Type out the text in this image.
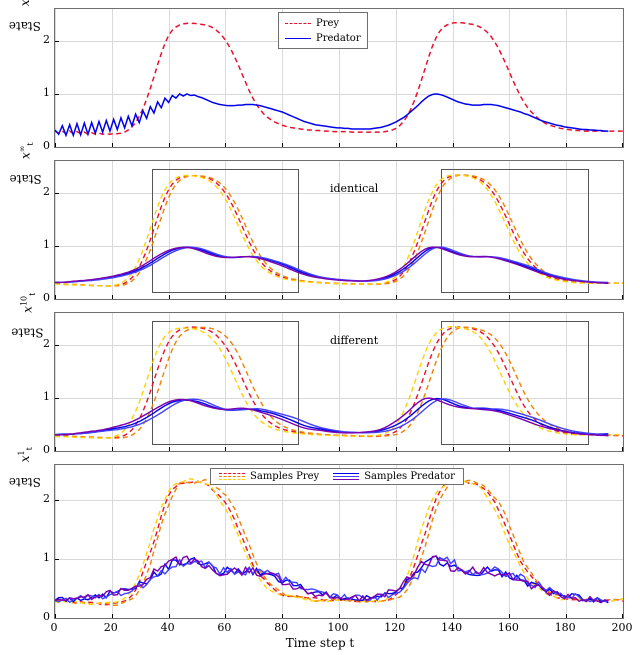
State x
State $x^\infty_t$
State $x^{10}_t$
State $x^1_t$
Prey
Predator
Samples Prey	Samples Predator
identical
different
Time step t
0
1
2
0
1
2
0
1
2
0
1
2
0	20	40	60	80	100	120	140	160	180	200
